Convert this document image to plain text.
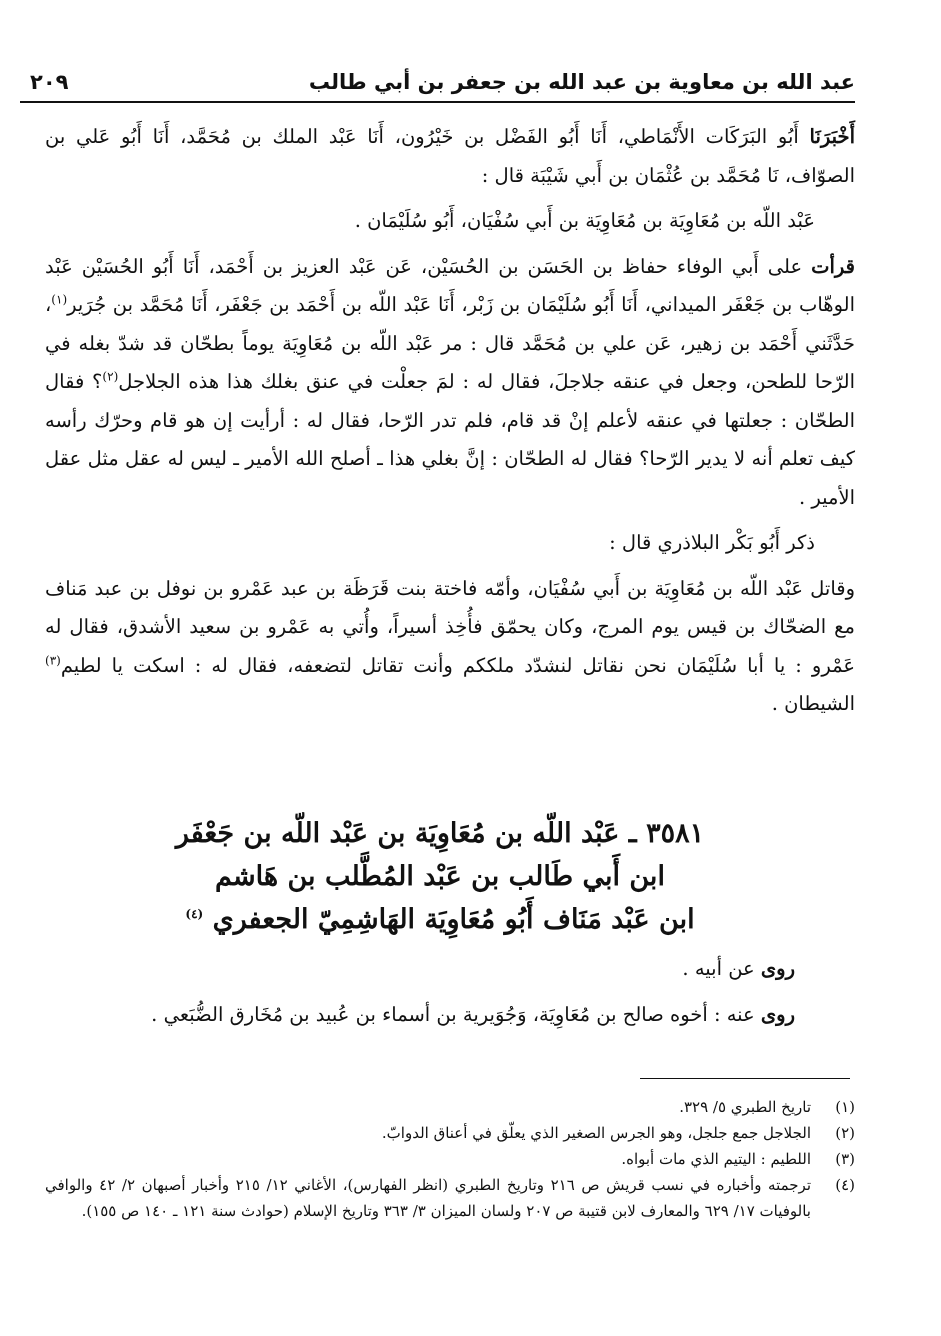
عبد الله بن معاوية بن عبد الله بن جعفر بن أبي طالب
٢٠٩

أَخْبَرَنَا أَبُو البَرَكَات الأَنْمَاطي، أَنَا أَبُو الفَضْل بن خَيْرُون، أَنَا عَبْد الملك بن مُحَمَّد، أَنَا أَبُو عَلي بن الصوّاف، نَا مُحَمَّد بن عُثْمَان بن أَبي شَيْبَة قال :

عَبْد اللّه بن مُعَاوِيَة بن مُعَاوِيَة بن أَبي سُفْيَان، أَبُو سُلَيْمَان .

قرأت على أَبي الوفاء حفاظ بن الحَسَن بن الحُسَيْن، عَن عَبْد العزيز بن أَحْمَد، أَنَا أَبُو الحُسَيْن عَبْد الوهّاب بن جَعْفَر الميداني، أَنَا أَبُو سُلَيْمَان بن زَبْر، أَنَا عَبْد اللّه بن أَحْمَد بن جَعْفَر، أَنَا مُحَمَّد بن جُرَير$^{(١)}$، حَدَّثَني أَحْمَد بن زهير، عَن علي بن مُحَمَّد قال : مر عَبْد اللّه بن مُعَاوِيَة يوماً بطحّان قد شدّ بغله في الرّحا للطحن، وجعل في عنقه جلاجلَ، فقال له : لمَ جعلْت في عنق بغلك هذا هذه الجلاجل$^{(٢)}$؟ فقال الطحّان : جعلتها في عنقه لأعلم إنْ قد قام، فلم تدر الرّحا، فقال له : أرأيت إن هو قام وحرّك رأسه كيف تعلم أنه لا يدير الرّحا؟ فقال له الطحّان : إنَّ بغلي هذا ـ أصلح الله الأمير ـ ليس له عقل مثل عقل الأمير .

ذكر أَبُو بَكْر البلاذري قال :

وقاتل عَبْد اللّه بن مُعَاوِيَة بن أَبي سُفْيَان، وأمّه فاختة بنت قَرَظَة بن عبد عَمْرو بن نوفل بن عبد مَناف مع الضحّاك بن قيس يوم المرج، وكان يحمّق فأُخِذ أسيراً، وأُتي به عَمْرو بن سعيد الأشدق، فقال له عَمْرو : يا أبا سُلَيْمَان نحن نقاتل لنشدّد ملككم وأنت تقاتل لتضعفه، فقال له : اسكت يا لطيم$^{(٣)}$ الشيطان .

٣٥٨١ ـ عَبْد اللّه بن مُعَاوِيَة بن عَبْد اللّه بن جَعْفَر

ابن أَبي طَالب بن عَبْد المُطَّلب بن هَاشم

ابن عَبْد مَنَاف أَبُو مُعَاوِيَة الهَاشِمِيّ الجعفري $^{(٤)}$

روى عن أبيه .

روى عنه : أخوه صالح بن مُعَاوِيَة، وَجُوَيرية بن أسماء بن عُبيد بن مُخَارق الضُّبَعي .

(١)
تاريخ الطبري ٥/ ٣٢٩.
(٢)
الجلاجل جمع جلجل، وهو الجرس الصغير الذي يعلّق في أعناق الدوابّ.
(٣)
اللطيم : اليتيم الذي مات أبواه.
(٤)
ترجمته وأخباره في نسب قريش ص ٢١٦ وتاريخ الطبري (انظر الفهارس)، الأغاني ١٢/ ٢١٥ وأخبار أصبهان ٢/ ٤٢ والوافي بالوفيات ١٧/ ٦٢٩ والمعارف لابن قتيبة ص ٢٠٧ ولسان الميزان ٣/ ٣٦٣ وتاريخ الإسلام (حوادث سنة ١٢١ ـ ١٤٠ ص ١٥٥).
